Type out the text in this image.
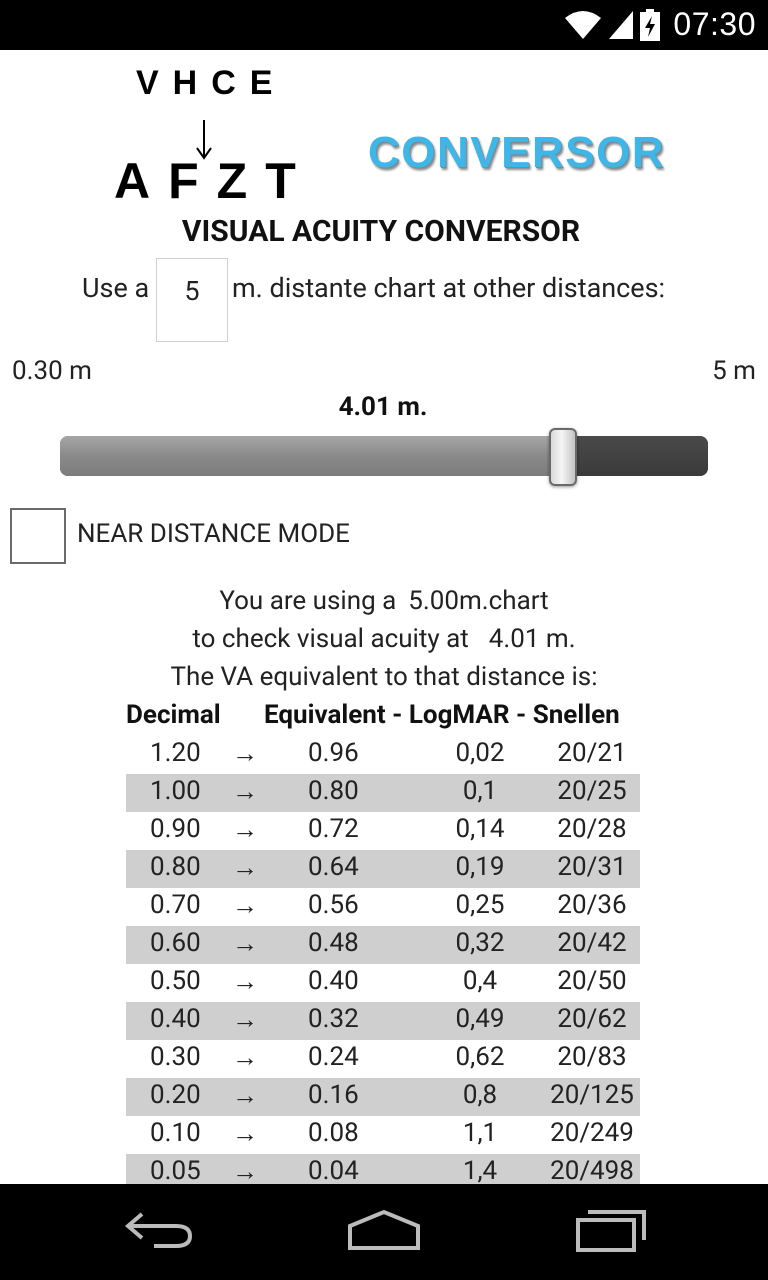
07:30
VHCE
AFZT
CONVERSOR
VISUAL ACUITY CONVERSOR
Use a	5	m. distante chart at other distances:
0.30 m	5 m
4.01 m.
NEAR DISTANCE MODE
You are using a 5.00m.chart
to check visual acuity at 4.01 m.
The VA equivalent to that distance is:
Decimal Equivalent - LogMAR - Snellen
1.20 → 0.96	0,02	20/21
1.00 → 0.80	0,1	20/25
0.90 → 0.72	0,14	20/28
0.80 → 0.64	0,19	20/31
0.70 → 0.56	0,25	20/36
0.60 → 0.48	0,32	20/42
0.50 → 0.40	0,4	20/50
0.40 → 0.32	0,49	20/62
0.30 → 0.24	0,62	20/83
0.20 → 0.16	0,8	20/125
0.10 → 0.08	1,1	20/249
0.05 → 0.04	1,4	20/498
